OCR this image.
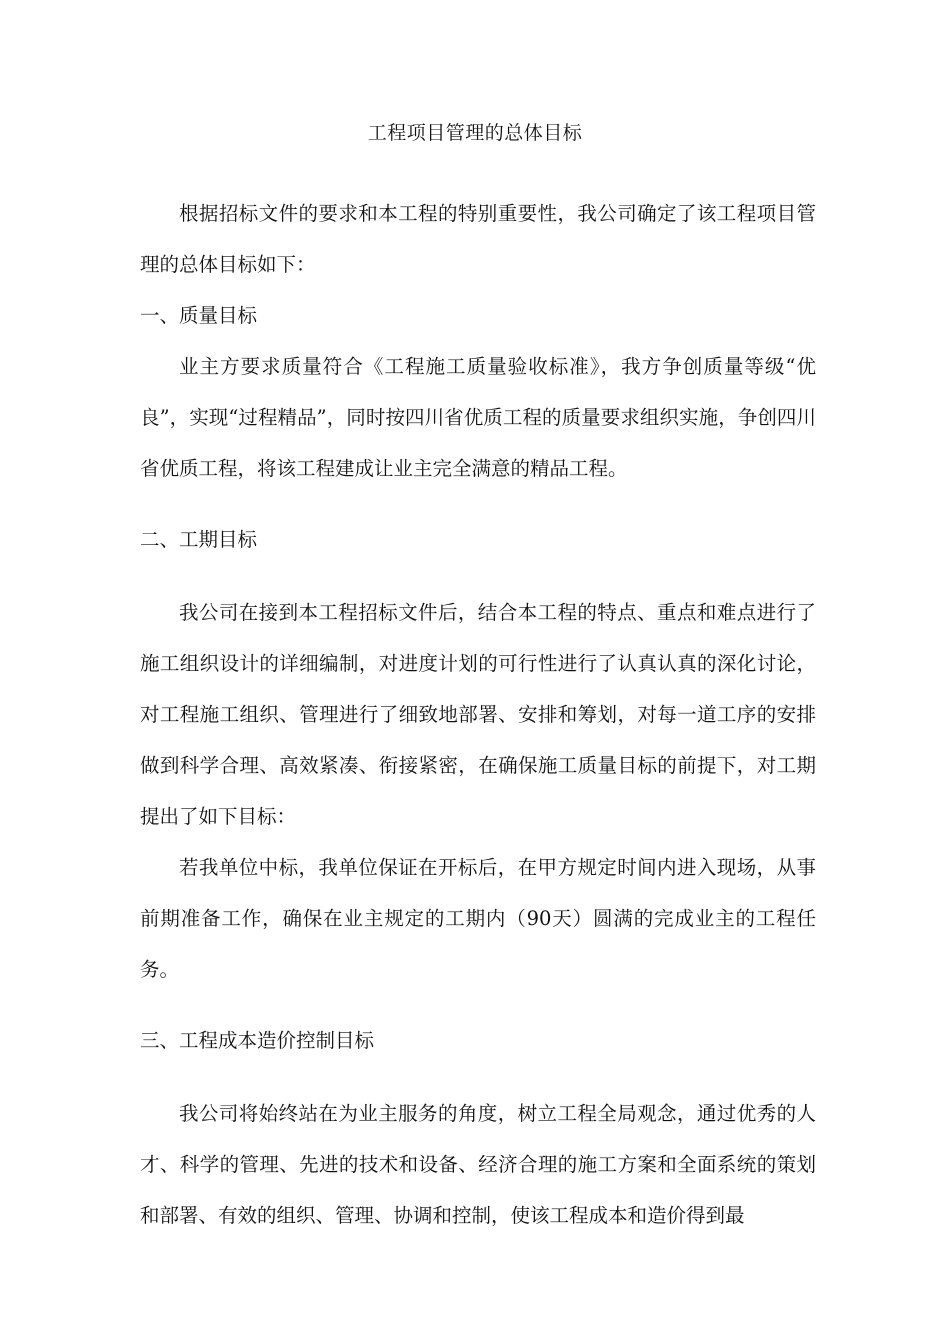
工程项目管理的总体目标

根据招标文件的要求和本工程的特别重要性，我公司确定了该工程项目管理的总体目标如下：

一、质量目标

业主方要求质量符合《工程施工质量验收标准》，我方争创质量等级“优良”，实现“过程精品”，同时按四川省优质工程的质量要求组织实施，争创四川省优质工程，将该工程建成让业主完全满意的精品工程。

二、工期目标

我公司在接到本工程招标文件后，结合本工程的特点、重点和难点进行了施工组织设计的详细编制，对进度计划的可行性进行了认真认真的深化讨论，对工程施工组织、管理进行了细致地部署、安排和筹划，对每一道工序的安排做到科学合理、高效紧凑、衔接紧密，在确保施工质量目标的前提下，对工期提出了如下目标：

若我单位中标，我单位保证在开标后，在甲方规定时间内进入现场，从事前期准备工作，确保在业主规定的工期内（90天）圆满的完成业主的工程任务。

三、工程成本造价控制目标

我公司将始终站在为业主服务的角度，树立工程全局观念，通过优秀的人才、科学的管理、先进的技术和设备、经济合理的施工方案和全面系统的策划和部署、有效的组织、管理、协调和控制，使该工程成本和造价得到最
